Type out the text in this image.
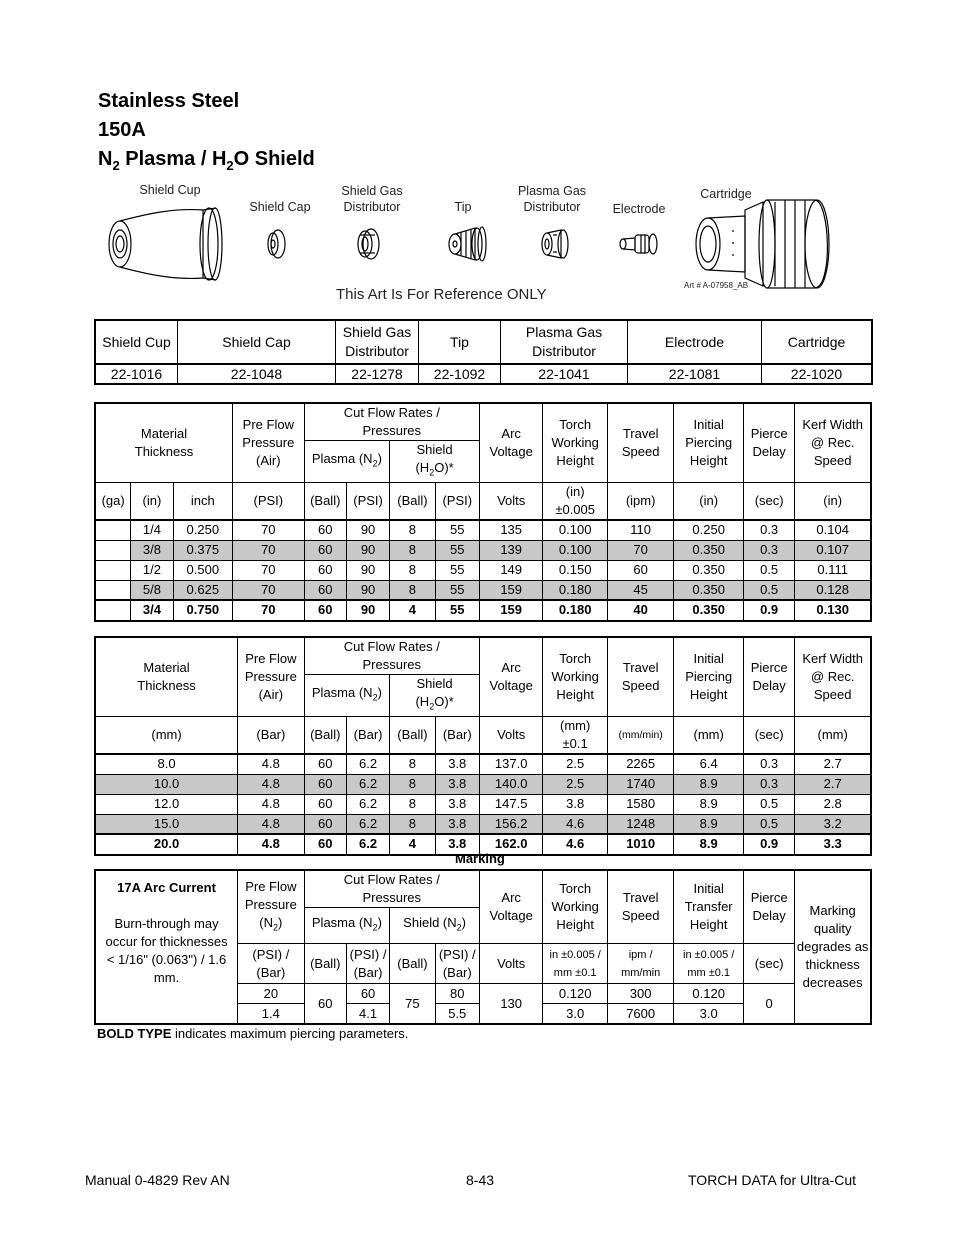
Stainless Steel
150A
$N_2$ Plasma / $H_2O$ Shield
Shield Cup
Shield Cap
Shield Gas Distributor	Tip
Plasma Gas Distributor	Electrode
Cartridge
This Art Is For Reference ONLY
Art # A-07958_AB
Shield Cup	Shield Cap	Shield Gas Distributor	Tip	Plasma Gas Distributor	Electrode	Cartridge
22-1016	22-1048	22-1278	22-1092	22-1041	22-1081	22-1020
Material Thickness			Pre Flow Pressure (Air)	Cut Flow Rates / Pressures				Arc Voltage	Torch Working Height	Travel Speed	Initial Piercing Height	Pierce Delay	Kerf Width @ Rec. Speed
				Plasma $(N_2)$		Shield $(H_2O)*$							
(ga)	(in)	inch	(PSI)	(Ball)	(PSI)	(Ball)	(PSI)	Volts	(in) ±0.005	(ipm)	(in)	(sec)	(in)
	1/4	0.250	70	60	90	8	55	135	0.100	110	0.250	0.3	0.104
	3/8	0.375	70	60	90	8	55	139	0.100	70	0.350	0.3	0.107
	1/2	0.500	70	60	90	8	55	149	0.150	60	0.350	0.5	0.111
	5/8	0.625	70	60	90	8	55	159	0.180	45	0.350	0.5	0.128
	3/4	0.750	70	60	90	4	55	159	0.180	40	0.350	0.9	0.130
Material Thickness	Pre Flow Pressure (Air)	Cut Flow Rates / Pressures				Arc Voltage	Torch Working Height	Travel Speed	Initial Piercing Height	Pierce Delay	Kerf Width @ Rec. Speed
		Plasma $(N_2)$		Shield $(H_2O)*$							
(mm)	(Bar)	(Ball)	(Bar)	(Ball)	(Bar)	Volts	(mm) ±0.1	(mm/min)	(mm)	(sec)	(mm)
8.0	4.8	60	6.2	8	3.8	137.0	2.5	2265	6.4	0.3	2.7
10.0	4.8	60	6.2	8	3.8	140.0	2.5	1740	8.9	0.3	2.7
12.0	4.8	60	6.2	8	3.8	147.5	3.8	1580	8.9	0.5	2.8
15.0	4.8	60	6.2	8	3.8	156.2	4.6	1248	8.9	0.5	3.2
20.0	4.8	60	6.2	4	3.8	162.0	4.6	1010	8.9	0.9	3.3
Marking
17A Arc Current
Burn-through may occur for thicknesses < 1/16" (0.063") / 1.6 mm.	Pre Flow Pressure $(N_2)$	Cut Flow Rates / Pressures				Arc Voltage	Torch Working Height	Travel Speed	Initial Transfer Height	Pierce Delay	Marking quality degrades as thickness decreases
		Plasma $(N_2)$		Shield $(N_2)$							
	(PSI) / (Bar)	(Ball)	(PSI) / (Bar)	(Ball)	(PSI) / (Bar)	Volts	in ±0.005 / mm ±0.1	ipm / mm/min	in ±0.005 / mm ±0.1	(sec)	
	20	60	60	75	80	130	0.120	300	0.120	0	
	1.4		4.1		5.5		3.0	7600	3.0		
BOLD TYPE indicates maximum piercing parameters.
Manual 0-4829 Rev AN	8-43	TORCH DATA for Ultra-Cut
